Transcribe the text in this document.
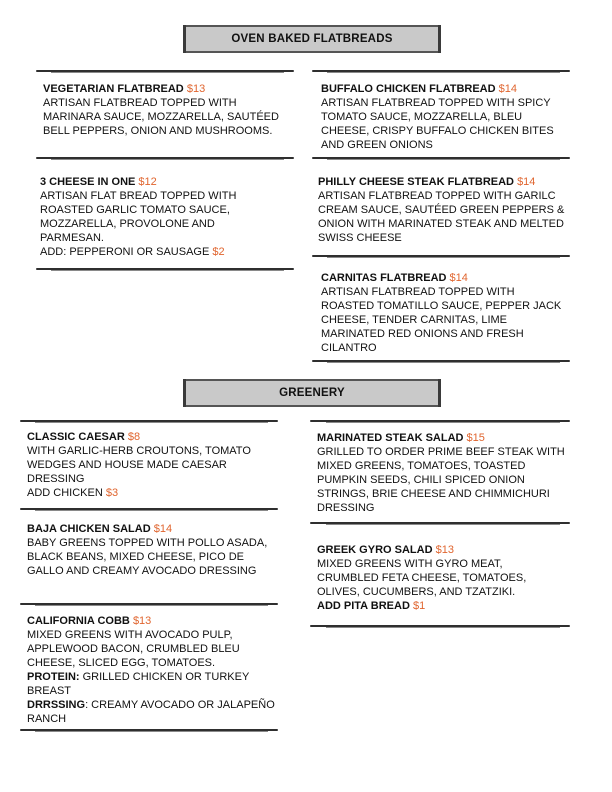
OVEN BAKED FLATBREADS
VEGETARIAN FLATBREAD $13
ARTISAN FLATBREAD TOPPED WITH MARINARA SAUCE, MOZZARELLA, SAUTÉED BELL PEPPERS, ONION AND MUSHROOMS.
BUFFALO CHICKEN FLATBREAD $14
ARTISAN FLATBREAD TOPPED WITH SPICY TOMATO SAUCE, MOZZARELLA, BLEU CHEESE, CRISPY BUFFALO CHICKEN BITES AND GREEN ONIONS
3 CHEESE IN ONE $12
ARTISAN FLAT BREAD TOPPED WITH ROASTED GARLIC TOMATO SAUCE, MOZZARELLA, PROVOLONE AND PARMESAN.
ADD: PEPPERONI OR SAUSAGE $2
PHILLY CHEESE STEAK FLATBREAD $14
ARTISAN FLATBREAD TOPPED WITH GARILC CREAM SAUCE, SAUTÉED GREEN PEPPERS & ONION WITH MARINATED STEAK AND MELTED SWISS CHEESE
CARNITAS FLATBREAD $14
ARTISAN FLATBREAD TOPPED WITH ROASTED TOMATILLO SAUCE, PEPPER JACK CHEESE, TENDER CARNITAS, LIME MARINATED RED ONIONS AND FRESH CILANTRO
GREENERY
CLASSIC CAESAR $8
WITH GARLIC-HERB CROUTONS, TOMATO WEDGES AND HOUSE MADE CAESAR DRESSING
ADD CHICKEN $3
MARINATED STEAK SALAD $15
GRILLED TO ORDER PRIME BEEF STEAK WITH MIXED GREENS, TOMATOES, TOASTED PUMPKIN SEEDS, CHILI SPICED ONION STRINGS, BRIE CHEESE AND CHIMMICHURI DRESSING
BAJA CHICKEN SALAD $14
BABY GREENS TOPPED WITH POLLO ASADA, BLACK BEANS, MIXED CHEESE, PICO DE GALLO AND CREAMY AVOCADO DRESSING
GREEK GYRO SALAD $13
MIXED GREENS WITH GYRO MEAT, CRUMBLED FETA CHEESE, TOMATOES, OLIVES, CUCUMBERS, AND TZATZIKI.
ADD PITA BREAD $1
CALIFORNIA COBB $13
MIXED GREENS WITH AVOCADO PULP, APPLEWOOD BACON, CRUMBLED BLEU CHEESE, SLICED EGG, TOMATOES.
PROTEIN: GRILLED CHICKEN OR TURKEY BREAST
DRRSSING: CREAMY AVOCADO OR JALAPEÑO RANCH
